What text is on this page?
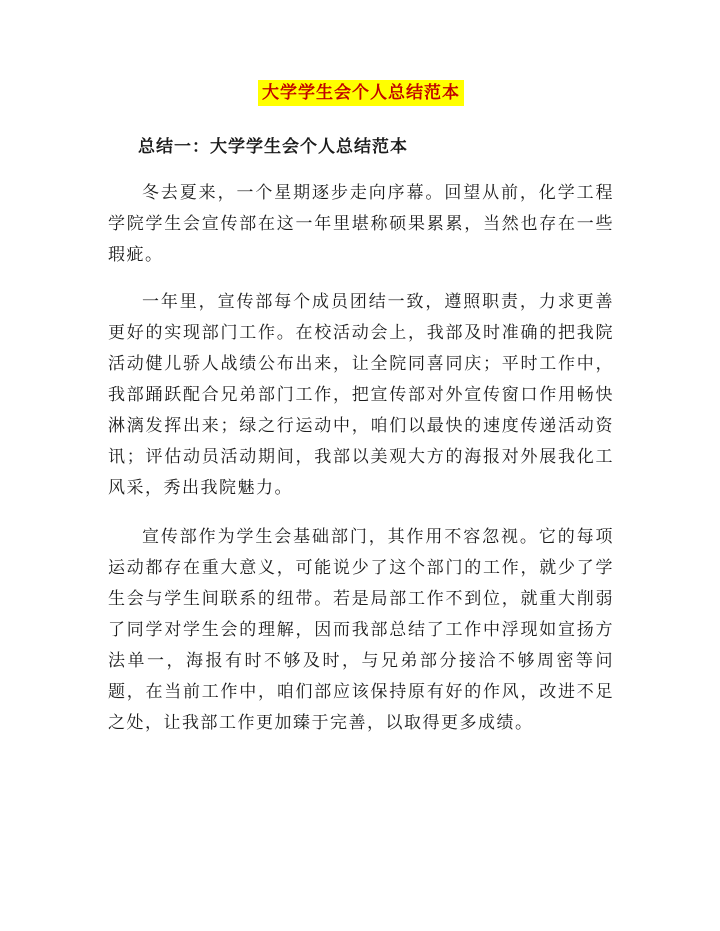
大学学生会个人总结范本
总结一：大学学生会个人总结范本

冬去夏来，一个星期逐步走向序幕。回望从前，化学工程学院学生会宣传部在这一年里堪称硕果累累，当然也存在一些瑕疵。

一年里，宣传部每个成员团结一致，遵照职责，力求更善更好的实现部门工作。在校活动会上，我部及时准确的把我院活动健儿骄人战绩公布出来，让全院同喜同庆；平时工作中，我部踊跃配合兄弟部门工作，把宣传部对外宣传窗口作用畅快淋漓发挥出来；绿之行运动中，咱们以最快的速度传递活动资讯；评估动员活动期间，我部以美观大方的海报对外展我化工风采，秀出我院魅力。

宣传部作为学生会基础部门，其作用不容忽视。它的每项运动都存在重大意义，可能说少了这个部门的工作，就少了学生会与学生间联系的纽带。若是局部工作不到位，就重大削弱了同学对学生会的理解，因而我部总结了工作中浮现如宣扬方法单一，海报有时不够及时，与兄弟部分接洽不够周密等问题，在当前工作中，咱们部应该保持原有好的作风，改进不足之处，让我部工作更加臻于完善，以取得更多成绩。
